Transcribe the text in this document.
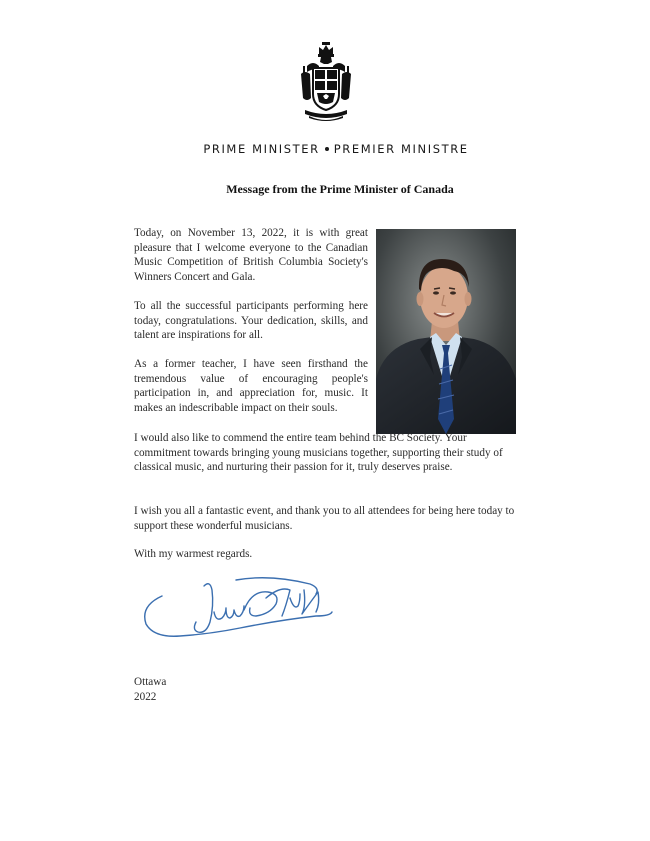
PRIME MINISTER PREMIER MINISTRE
Message from the Prime Minister of Canada

Today, on November 13, 2022, it is with great pleasure that I welcome everyone to the Canadian Music Competition of British Columbia Society's Winners Concert and Gala.

To all the successful participants performing here today, congratulations. Your dedication, skills, and talent are inspirations for all.

As a former teacher, I have seen firsthand the tremendous value of encouraging people's participation in, and appreciation for, music. It makes an indescribable impact on their souls.

I would also like to commend the entire team behind the BC Society. Your commitment towards bringing young musicians together, supporting their study of classical music, and nurturing their passion for it, truly deserves praise.

I wish you all a fantastic event, and thank you to all attendees for being here today to support these wonderful musicians.

With my warmest regards.

Ottawa

2022
